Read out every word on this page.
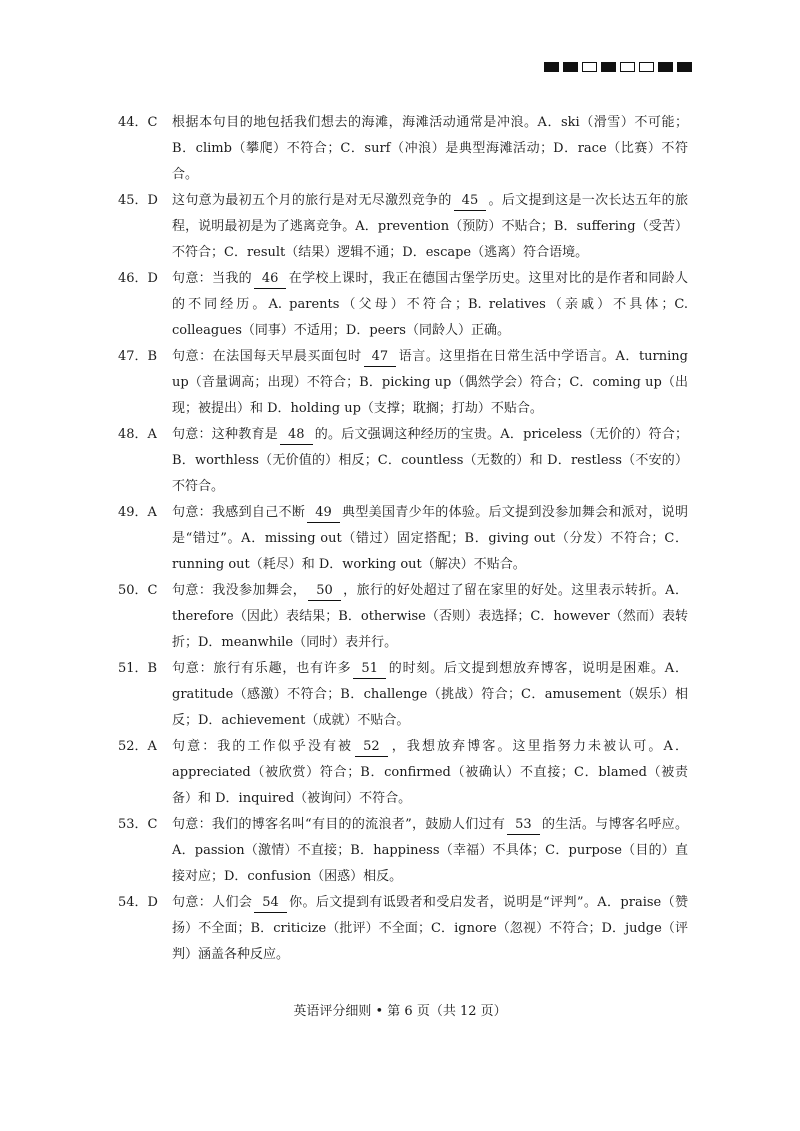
44．C 根据本句目的地包括我们想去的海滩，海滩活动通常是冲浪。A．ski（滑雪）不可能；B．climb（攀爬）不符合；C．surf（冲浪）是典型海滩活动；D．race（比赛）不符合。
45．D 这句意为最初五个月的旅行是对无尽激烈竞争的 45 。后文提到这是一次长达五年的旅程，说明最初是为了逃离竞争。A．prevention（预防）不贴合；B．suffering（受苦）不符合；C．result（结果）逻辑不通；D．escape（逃离）符合语境。
46．D 句意：当我的 46 在学校上课时，我正在德国古堡学历史。这里对比的是作者和同龄人的不同经历。A. parents（父母）不符合；B. relatives（亲戚）不具体；C. colleagues（同事）不适用；D．peers（同龄人）正确。
47．B 句意：在法国每天早晨买面包时 47 语言。这里指在日常生活中学语言。A．turning up（音量调高；出现）不符合；B．picking up（偶然学会）符合；C．coming up（出现；被提出）和 D．holding up（支撑；耽搁；打劫）不贴合。
48．A 句意：这种教育是 48 的。后文强调这种经历的宝贵。A．priceless（无价的）符合；B．worthless（无价值的）相反；C．countless（无数的）和 D．restless（不安的）不符合。
49．A 句意：我感到自己不断 49 典型美国青少年的体验。后文提到没参加舞会和派对，说明是“错过”。A．missing out（错过）固定搭配；B．giving out（分发）不符合；C．running out（耗尽）和 D．working out（解决）不贴合。
50．C 句意：我没参加舞会， 50 ，旅行的好处超过了留在家里的好处。这里表示转折。A．therefore（因此）表结果；B．otherwise（否则）表选择；C．however（然而）表转折；D．meanwhile（同时）表并行。
51．B 句意：旅行有乐趣，也有许多 51 的时刻。后文提到想放弃博客，说明是困难。A．gratitude（感激）不符合；B．challenge（挑战）符合；C．amusement（娱乐）相反；D．achievement（成就）不贴合。
52．A 句意：我的工作似乎没有被 52 ，我想放弃博客。这里指努力未被认可。A．appreciated（被欣赏）符合；B．confirmed（被确认）不直接；C．blamed（被责备）和 D．inquired（被询问）不符合。
53．C 句意：我们的博客名叫“有目的的流浪者”，鼓励人们过有 53 的生活。与博客名呼应。A．passion（激情）不直接；B．happiness（幸福）不具体；C．purpose（目的）直接对应；D．confusion（困惑）相反。
54．D 句意：人们会 54 你。后文提到有诋毁者和受启发者，说明是“评判”。A．praise（赞扬）不全面；B．criticize（批评）不全面；C．ignore（忽视）不符合；D．judge（评判）涵盖各种反应。
英语评分细则 • 第 6 页（共 12 页）
